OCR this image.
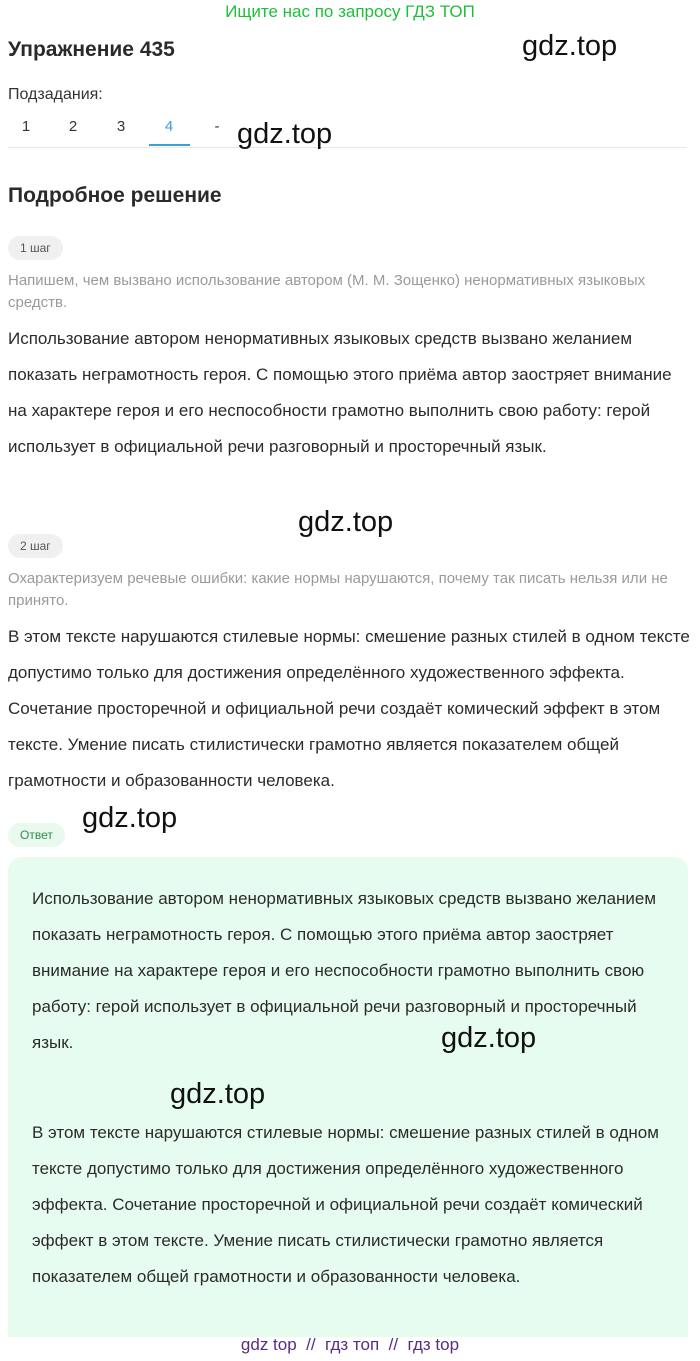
Ищите нас по запросу ГДЗ ТОП
Упражнение 435
Подзадания:
1	2	3	4	-
Подробное решение
1 шаг
Напишем, чем вызвано использование автором (М. М. Зощенко) ненормативных языковых средств.
Использование автором ненормативных языковых средств вызвано желанием показать неграмотность героя. С помощью этого приёма автор заостряет внимание на характере героя и его неспособности грамотно выполнить свою работу: герой использует в официальной речи разговорный и просторечный язык.
2 шаг
Охарактеризуем речевые ошибки: какие нормы нарушаются, почему так писать нельзя или не принято.
В этом тексте нарушаются стилевые нормы: смешение разных стилей в одном тексте допустимо только для достижения определённого художественного эффекта. Сочетание просторечной и официальной речи создаёт комический эффект в этом тексте. Умение писать стилистически грамотно является показателем общей грамотности и образованности человека.
Ответ
Использование автором ненормативных языковых средств вызвано желанием показать неграмотность героя. С помощью этого приёма автор заостряет внимание на характере героя и его неспособности грамотно выполнить свою работу: герой использует в официальной речи разговорный и просторечный язык.
В этом тексте нарушаются стилевые нормы: смешение разных стилей в одном тексте допустимо только для достижения определённого художественного эффекта. Сочетание просторечной и официальной речи создаёт комический эффект в этом тексте. Умение писать стилистически грамотно является показателем общей грамотности и образованности человека.
gdz.top
gdz.top
gdz.top
gdz.top
gdz.top
gdz.top
gdz top // гдз топ // гдз top
